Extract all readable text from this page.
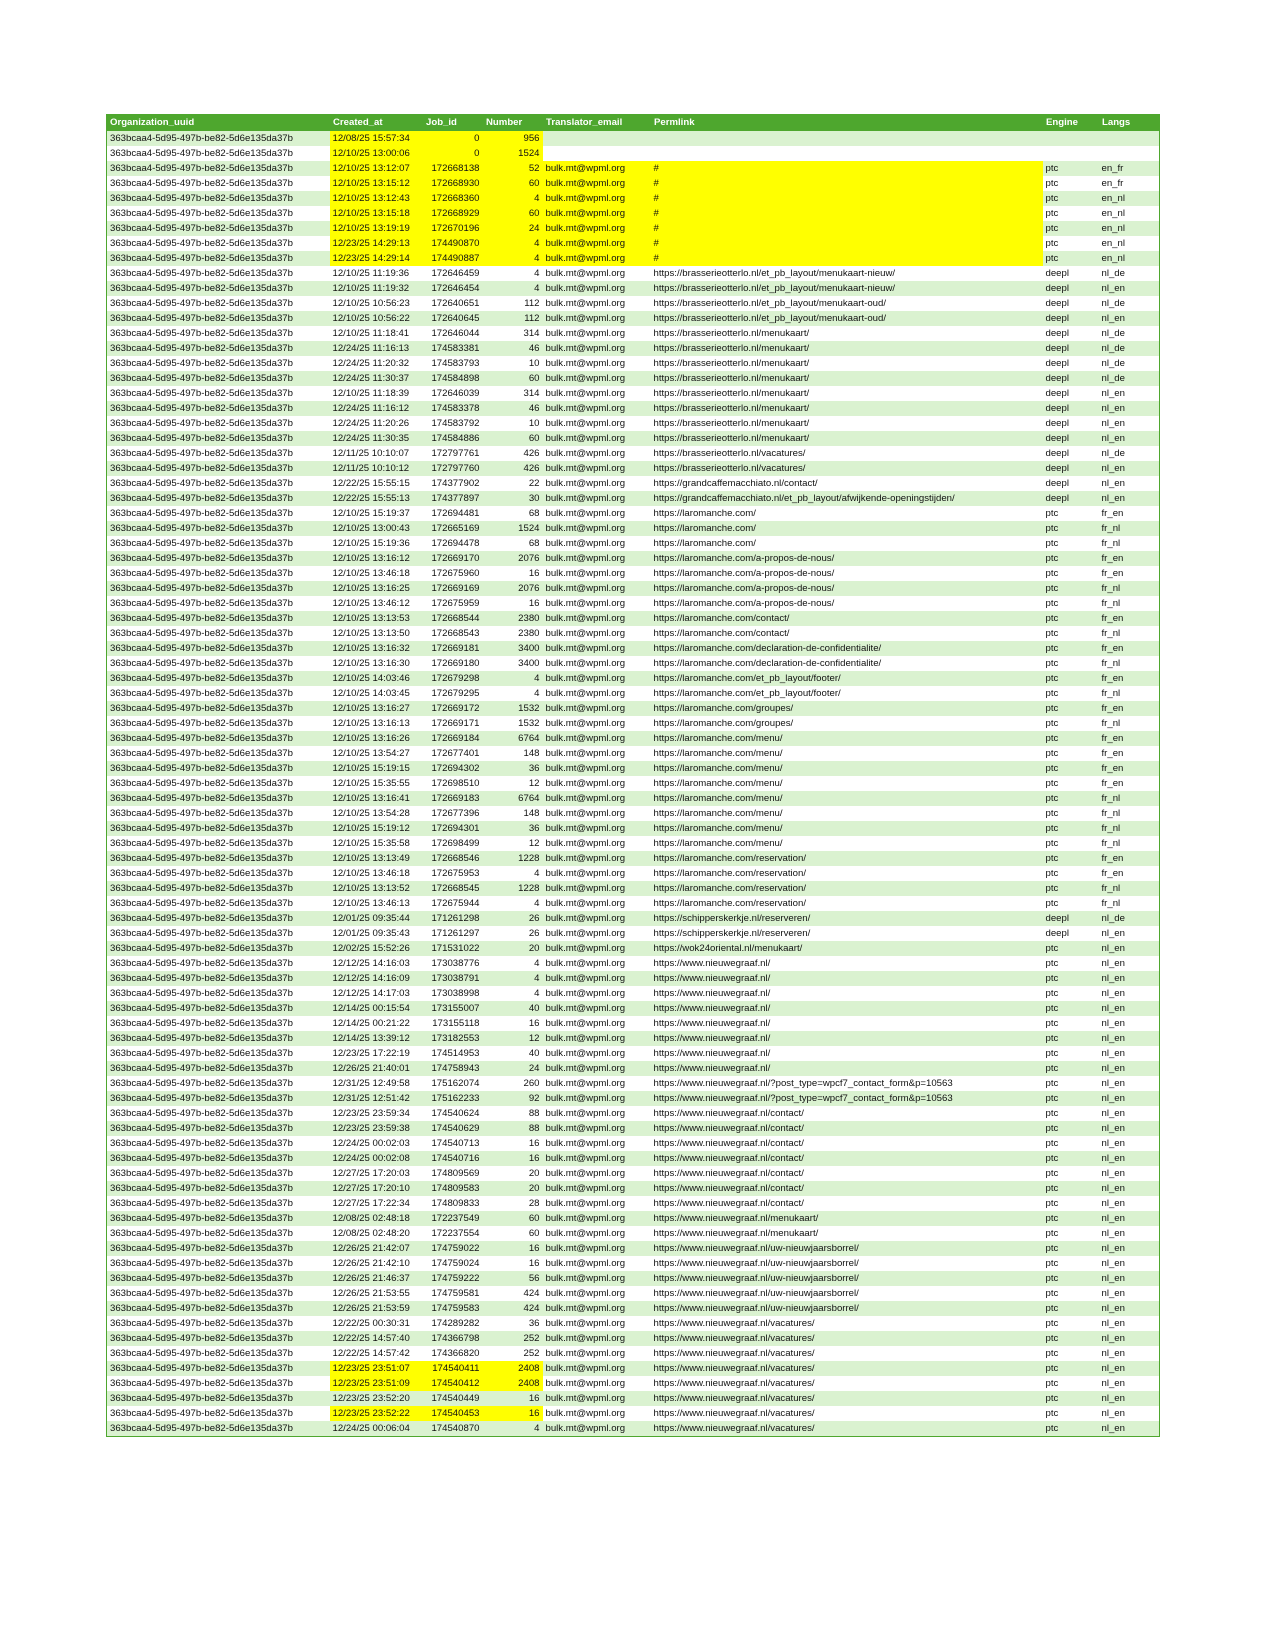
Organization_uuid	Created_at	Job_id	Number	Translator_email	Permlink	Engine	Langs
363bcaa4-5d95-497b-be82-5d6e135da37b	12/08/25 15:57:34	0	956				
363bcaa4-5d95-497b-be82-5d6e135da37b	12/10/25 13:00:06	0	1524				
363bcaa4-5d95-497b-be82-5d6e135da37b	12/10/25 13:12:07	172668138	52	bulk.mt@wpml.org	#	ptc	en_fr
363bcaa4-5d95-497b-be82-5d6e135da37b	12/10/25 13:15:12	172668930	60	bulk.mt@wpml.org	#	ptc	en_fr
363bcaa4-5d95-497b-be82-5d6e135da37b	12/10/25 13:12:43	172668360	4	bulk.mt@wpml.org	#	ptc	en_nl
363bcaa4-5d95-497b-be82-5d6e135da37b	12/10/25 13:15:18	172668929	60	bulk.mt@wpml.org	#	ptc	en_nl
363bcaa4-5d95-497b-be82-5d6e135da37b	12/10/25 13:19:19	172670196	24	bulk.mt@wpml.org	#	ptc	en_nl
363bcaa4-5d95-497b-be82-5d6e135da37b	12/23/25 14:29:13	174490870	4	bulk.mt@wpml.org	#	ptc	en_nl
363bcaa4-5d95-497b-be82-5d6e135da37b	12/23/25 14:29:14	174490887	4	bulk.mt@wpml.org	#	ptc	en_nl
363bcaa4-5d95-497b-be82-5d6e135da37b	12/10/25 11:19:36	172646459	4	bulk.mt@wpml.org	https://brasserieotterlo.nl/et_pb_layout/menukaart-nieuw/	deepl	nl_de
363bcaa4-5d95-497b-be82-5d6e135da37b	12/10/25 11:19:32	172646454	4	bulk.mt@wpml.org	https://brasserieotterlo.nl/et_pb_layout/menukaart-nieuw/	deepl	nl_en
363bcaa4-5d95-497b-be82-5d6e135da37b	12/10/25 10:56:23	172640651	112	bulk.mt@wpml.org	https://brasserieotterlo.nl/et_pb_layout/menukaart-oud/	deepl	nl_de
363bcaa4-5d95-497b-be82-5d6e135da37b	12/10/25 10:56:22	172640645	112	bulk.mt@wpml.org	https://brasserieotterlo.nl/et_pb_layout/menukaart-oud/	deepl	nl_en
363bcaa4-5d95-497b-be82-5d6e135da37b	12/10/25 11:18:41	172646044	314	bulk.mt@wpml.org	https://brasserieotterlo.nl/menukaart/	deepl	nl_de
363bcaa4-5d95-497b-be82-5d6e135da37b	12/24/25 11:16:13	174583381	46	bulk.mt@wpml.org	https://brasserieotterlo.nl/menukaart/	deepl	nl_de
363bcaa4-5d95-497b-be82-5d6e135da37b	12/24/25 11:20:32	174583793	10	bulk.mt@wpml.org	https://brasserieotterlo.nl/menukaart/	deepl	nl_de
363bcaa4-5d95-497b-be82-5d6e135da37b	12/24/25 11:30:37	174584898	60	bulk.mt@wpml.org	https://brasserieotterlo.nl/menukaart/	deepl	nl_de
363bcaa4-5d95-497b-be82-5d6e135da37b	12/10/25 11:18:39	172646039	314	bulk.mt@wpml.org	https://brasserieotterlo.nl/menukaart/	deepl	nl_en
363bcaa4-5d95-497b-be82-5d6e135da37b	12/24/25 11:16:12	174583378	46	bulk.mt@wpml.org	https://brasserieotterlo.nl/menukaart/	deepl	nl_en
363bcaa4-5d95-497b-be82-5d6e135da37b	12/24/25 11:20:26	174583792	10	bulk.mt@wpml.org	https://brasserieotterlo.nl/menukaart/	deepl	nl_en
363bcaa4-5d95-497b-be82-5d6e135da37b	12/24/25 11:30:35	174584886	60	bulk.mt@wpml.org	https://brasserieotterlo.nl/menukaart/	deepl	nl_en
363bcaa4-5d95-497b-be82-5d6e135da37b	12/11/25 10:10:07	172797761	426	bulk.mt@wpml.org	https://brasserieotterlo.nl/vacatures/	deepl	nl_de
363bcaa4-5d95-497b-be82-5d6e135da37b	12/11/25 10:10:12	172797760	426	bulk.mt@wpml.org	https://brasserieotterlo.nl/vacatures/	deepl	nl_en
363bcaa4-5d95-497b-be82-5d6e135da37b	12/22/25 15:55:15	174377902	22	bulk.mt@wpml.org	https://grandcaffemacchiato.nl/contact/	deepl	nl_en
363bcaa4-5d95-497b-be82-5d6e135da37b	12/22/25 15:55:13	174377897	30	bulk.mt@wpml.org	https://grandcaffemacchiato.nl/et_pb_layout/afwijkende-openingstijden/	deepl	nl_en
363bcaa4-5d95-497b-be82-5d6e135da37b	12/10/25 15:19:37	172694481	68	bulk.mt@wpml.org	https://laromanche.com/	ptc	fr_en
363bcaa4-5d95-497b-be82-5d6e135da37b	12/10/25 13:00:43	172665169	1524	bulk.mt@wpml.org	https://laromanche.com/	ptc	fr_nl
363bcaa4-5d95-497b-be82-5d6e135da37b	12/10/25 15:19:36	172694478	68	bulk.mt@wpml.org	https://laromanche.com/	ptc	fr_nl
363bcaa4-5d95-497b-be82-5d6e135da37b	12/10/25 13:16:12	172669170	2076	bulk.mt@wpml.org	https://laromanche.com/a-propos-de-nous/	ptc	fr_en
363bcaa4-5d95-497b-be82-5d6e135da37b	12/10/25 13:46:18	172675960	16	bulk.mt@wpml.org	https://laromanche.com/a-propos-de-nous/	ptc	fr_en
363bcaa4-5d95-497b-be82-5d6e135da37b	12/10/25 13:16:25	172669169	2076	bulk.mt@wpml.org	https://laromanche.com/a-propos-de-nous/	ptc	fr_nl
363bcaa4-5d95-497b-be82-5d6e135da37b	12/10/25 13:46:12	172675959	16	bulk.mt@wpml.org	https://laromanche.com/a-propos-de-nous/	ptc	fr_nl
363bcaa4-5d95-497b-be82-5d6e135da37b	12/10/25 13:13:53	172668544	2380	bulk.mt@wpml.org	https://laromanche.com/contact/	ptc	fr_en
363bcaa4-5d95-497b-be82-5d6e135da37b	12/10/25 13:13:50	172668543	2380	bulk.mt@wpml.org	https://laromanche.com/contact/	ptc	fr_nl
363bcaa4-5d95-497b-be82-5d6e135da37b	12/10/25 13:16:32	172669181	3400	bulk.mt@wpml.org	https://laromanche.com/declaration-de-confidentialite/	ptc	fr_en
363bcaa4-5d95-497b-be82-5d6e135da37b	12/10/25 13:16:30	172669180	3400	bulk.mt@wpml.org	https://laromanche.com/declaration-de-confidentialite/	ptc	fr_nl
363bcaa4-5d95-497b-be82-5d6e135da37b	12/10/25 14:03:46	172679298	4	bulk.mt@wpml.org	https://laromanche.com/et_pb_layout/footer/	ptc	fr_en
363bcaa4-5d95-497b-be82-5d6e135da37b	12/10/25 14:03:45	172679295	4	bulk.mt@wpml.org	https://laromanche.com/et_pb_layout/footer/	ptc	fr_nl
363bcaa4-5d95-497b-be82-5d6e135da37b	12/10/25 13:16:27	172669172	1532	bulk.mt@wpml.org	https://laromanche.com/groupes/	ptc	fr_en
363bcaa4-5d95-497b-be82-5d6e135da37b	12/10/25 13:16:13	172669171	1532	bulk.mt@wpml.org	https://laromanche.com/groupes/	ptc	fr_nl
363bcaa4-5d95-497b-be82-5d6e135da37b	12/10/25 13:16:26	172669184	6764	bulk.mt@wpml.org	https://laromanche.com/menu/	ptc	fr_en
363bcaa4-5d95-497b-be82-5d6e135da37b	12/10/25 13:54:27	172677401	148	bulk.mt@wpml.org	https://laromanche.com/menu/	ptc	fr_en
363bcaa4-5d95-497b-be82-5d6e135da37b	12/10/25 15:19:15	172694302	36	bulk.mt@wpml.org	https://laromanche.com/menu/	ptc	fr_en
363bcaa4-5d95-497b-be82-5d6e135da37b	12/10/25 15:35:55	172698510	12	bulk.mt@wpml.org	https://laromanche.com/menu/	ptc	fr_en
363bcaa4-5d95-497b-be82-5d6e135da37b	12/10/25 13:16:41	172669183	6764	bulk.mt@wpml.org	https://laromanche.com/menu/	ptc	fr_nl
363bcaa4-5d95-497b-be82-5d6e135da37b	12/10/25 13:54:28	172677396	148	bulk.mt@wpml.org	https://laromanche.com/menu/	ptc	fr_nl
363bcaa4-5d95-497b-be82-5d6e135da37b	12/10/25 15:19:12	172694301	36	bulk.mt@wpml.org	https://laromanche.com/menu/	ptc	fr_nl
363bcaa4-5d95-497b-be82-5d6e135da37b	12/10/25 15:35:58	172698499	12	bulk.mt@wpml.org	https://laromanche.com/menu/	ptc	fr_nl
363bcaa4-5d95-497b-be82-5d6e135da37b	12/10/25 13:13:49	172668546	1228	bulk.mt@wpml.org	https://laromanche.com/reservation/	ptc	fr_en
363bcaa4-5d95-497b-be82-5d6e135da37b	12/10/25 13:46:18	172675953	4	bulk.mt@wpml.org	https://laromanche.com/reservation/	ptc	fr_en
363bcaa4-5d95-497b-be82-5d6e135da37b	12/10/25 13:13:52	172668545	1228	bulk.mt@wpml.org	https://laromanche.com/reservation/	ptc	fr_nl
363bcaa4-5d95-497b-be82-5d6e135da37b	12/10/25 13:46:13	172675944	4	bulk.mt@wpml.org	https://laromanche.com/reservation/	ptc	fr_nl
363bcaa4-5d95-497b-be82-5d6e135da37b	12/01/25 09:35:44	171261298	26	bulk.mt@wpml.org	https://schipperskerkje.nl/reserveren/	deepl	nl_de
363bcaa4-5d95-497b-be82-5d6e135da37b	12/01/25 09:35:43	171261297	26	bulk.mt@wpml.org	https://schipperskerkje.nl/reserveren/	deepl	nl_en
363bcaa4-5d95-497b-be82-5d6e135da37b	12/02/25 15:52:26	171531022	20	bulk.mt@wpml.org	https://wok24oriental.nl/menukaart/	ptc	nl_en
363bcaa4-5d95-497b-be82-5d6e135da37b	12/12/25 14:16:03	173038776	4	bulk.mt@wpml.org	https://www.nieuwegraaf.nl/	ptc	nl_en
363bcaa4-5d95-497b-be82-5d6e135da37b	12/12/25 14:16:09	173038791	4	bulk.mt@wpml.org	https://www.nieuwegraaf.nl/	ptc	nl_en
363bcaa4-5d95-497b-be82-5d6e135da37b	12/12/25 14:17:03	173038998	4	bulk.mt@wpml.org	https://www.nieuwegraaf.nl/	ptc	nl_en
363bcaa4-5d95-497b-be82-5d6e135da37b	12/14/25 00:15:54	173155007	40	bulk.mt@wpml.org	https://www.nieuwegraaf.nl/	ptc	nl_en
363bcaa4-5d95-497b-be82-5d6e135da37b	12/14/25 00:21:22	173155118	16	bulk.mt@wpml.org	https://www.nieuwegraaf.nl/	ptc	nl_en
363bcaa4-5d95-497b-be82-5d6e135da37b	12/14/25 13:39:12	173182553	12	bulk.mt@wpml.org	https://www.nieuwegraaf.nl/	ptc	nl_en
363bcaa4-5d95-497b-be82-5d6e135da37b	12/23/25 17:22:19	174514953	40	bulk.mt@wpml.org	https://www.nieuwegraaf.nl/	ptc	nl_en
363bcaa4-5d95-497b-be82-5d6e135da37b	12/26/25 21:40:01	174758943	24	bulk.mt@wpml.org	https://www.nieuwegraaf.nl/	ptc	nl_en
363bcaa4-5d95-497b-be82-5d6e135da37b	12/31/25 12:49:58	175162074	260	bulk.mt@wpml.org	https://www.nieuwegraaf.nl/?post_type=wpcf7_contact_form&p=10563	ptc	nl_en
363bcaa4-5d95-497b-be82-5d6e135da37b	12/31/25 12:51:42	175162233	92	bulk.mt@wpml.org	https://www.nieuwegraaf.nl/?post_type=wpcf7_contact_form&p=10563	ptc	nl_en
363bcaa4-5d95-497b-be82-5d6e135da37b	12/23/25 23:59:34	174540624	88	bulk.mt@wpml.org	https://www.nieuwegraaf.nl/contact/	ptc	nl_en
363bcaa4-5d95-497b-be82-5d6e135da37b	12/23/25 23:59:38	174540629	88	bulk.mt@wpml.org	https://www.nieuwegraaf.nl/contact/	ptc	nl_en
363bcaa4-5d95-497b-be82-5d6e135da37b	12/24/25 00:02:03	174540713	16	bulk.mt@wpml.org	https://www.nieuwegraaf.nl/contact/	ptc	nl_en
363bcaa4-5d95-497b-be82-5d6e135da37b	12/24/25 00:02:08	174540716	16	bulk.mt@wpml.org	https://www.nieuwegraaf.nl/contact/	ptc	nl_en
363bcaa4-5d95-497b-be82-5d6e135da37b	12/27/25 17:20:03	174809569	20	bulk.mt@wpml.org	https://www.nieuwegraaf.nl/contact/	ptc	nl_en
363bcaa4-5d95-497b-be82-5d6e135da37b	12/27/25 17:20:10	174809583	20	bulk.mt@wpml.org	https://www.nieuwegraaf.nl/contact/	ptc	nl_en
363bcaa4-5d95-497b-be82-5d6e135da37b	12/27/25 17:22:34	174809833	28	bulk.mt@wpml.org	https://www.nieuwegraaf.nl/contact/	ptc	nl_en
363bcaa4-5d95-497b-be82-5d6e135da37b	12/08/25 02:48:18	172237549	60	bulk.mt@wpml.org	https://www.nieuwegraaf.nl/menukaart/	ptc	nl_en
363bcaa4-5d95-497b-be82-5d6e135da37b	12/08/25 02:48:20	172237554	60	bulk.mt@wpml.org	https://www.nieuwegraaf.nl/menukaart/	ptc	nl_en
363bcaa4-5d95-497b-be82-5d6e135da37b	12/26/25 21:42:07	174759022	16	bulk.mt@wpml.org	https://www.nieuwegraaf.nl/uw-nieuwjaarsborrel/	ptc	nl_en
363bcaa4-5d95-497b-be82-5d6e135da37b	12/26/25 21:42:10	174759024	16	bulk.mt@wpml.org	https://www.nieuwegraaf.nl/uw-nieuwjaarsborrel/	ptc	nl_en
363bcaa4-5d95-497b-be82-5d6e135da37b	12/26/25 21:46:37	174759222	56	bulk.mt@wpml.org	https://www.nieuwegraaf.nl/uw-nieuwjaarsborrel/	ptc	nl_en
363bcaa4-5d95-497b-be82-5d6e135da37b	12/26/25 21:53:55	174759581	424	bulk.mt@wpml.org	https://www.nieuwegraaf.nl/uw-nieuwjaarsborrel/	ptc	nl_en
363bcaa4-5d95-497b-be82-5d6e135da37b	12/26/25 21:53:59	174759583	424	bulk.mt@wpml.org	https://www.nieuwegraaf.nl/uw-nieuwjaarsborrel/	ptc	nl_en
363bcaa4-5d95-497b-be82-5d6e135da37b	12/22/25 00:30:31	174289282	36	bulk.mt@wpml.org	https://www.nieuwegraaf.nl/vacatures/	ptc	nl_en
363bcaa4-5d95-497b-be82-5d6e135da37b	12/22/25 14:57:40	174366798	252	bulk.mt@wpml.org	https://www.nieuwegraaf.nl/vacatures/	ptc	nl_en
363bcaa4-5d95-497b-be82-5d6e135da37b	12/22/25 14:57:42	174366820	252	bulk.mt@wpml.org	https://www.nieuwegraaf.nl/vacatures/	ptc	nl_en
363bcaa4-5d95-497b-be82-5d6e135da37b	12/23/25 23:51:07	174540411	2408	bulk.mt@wpml.org	https://www.nieuwegraaf.nl/vacatures/	ptc	nl_en
363bcaa4-5d95-497b-be82-5d6e135da37b	12/23/25 23:51:09	174540412	2408	bulk.mt@wpml.org	https://www.nieuwegraaf.nl/vacatures/	ptc	nl_en
363bcaa4-5d95-497b-be82-5d6e135da37b	12/23/25 23:52:20	174540449	16	bulk.mt@wpml.org	https://www.nieuwegraaf.nl/vacatures/	ptc	nl_en
363bcaa4-5d95-497b-be82-5d6e135da37b	12/23/25 23:52:22	174540453	16	bulk.mt@wpml.org	https://www.nieuwegraaf.nl/vacatures/	ptc	nl_en
363bcaa4-5d95-497b-be82-5d6e135da37b	12/24/25 00:06:04	174540870	4	bulk.mt@wpml.org	https://www.nieuwegraaf.nl/vacatures/	ptc	nl_en
